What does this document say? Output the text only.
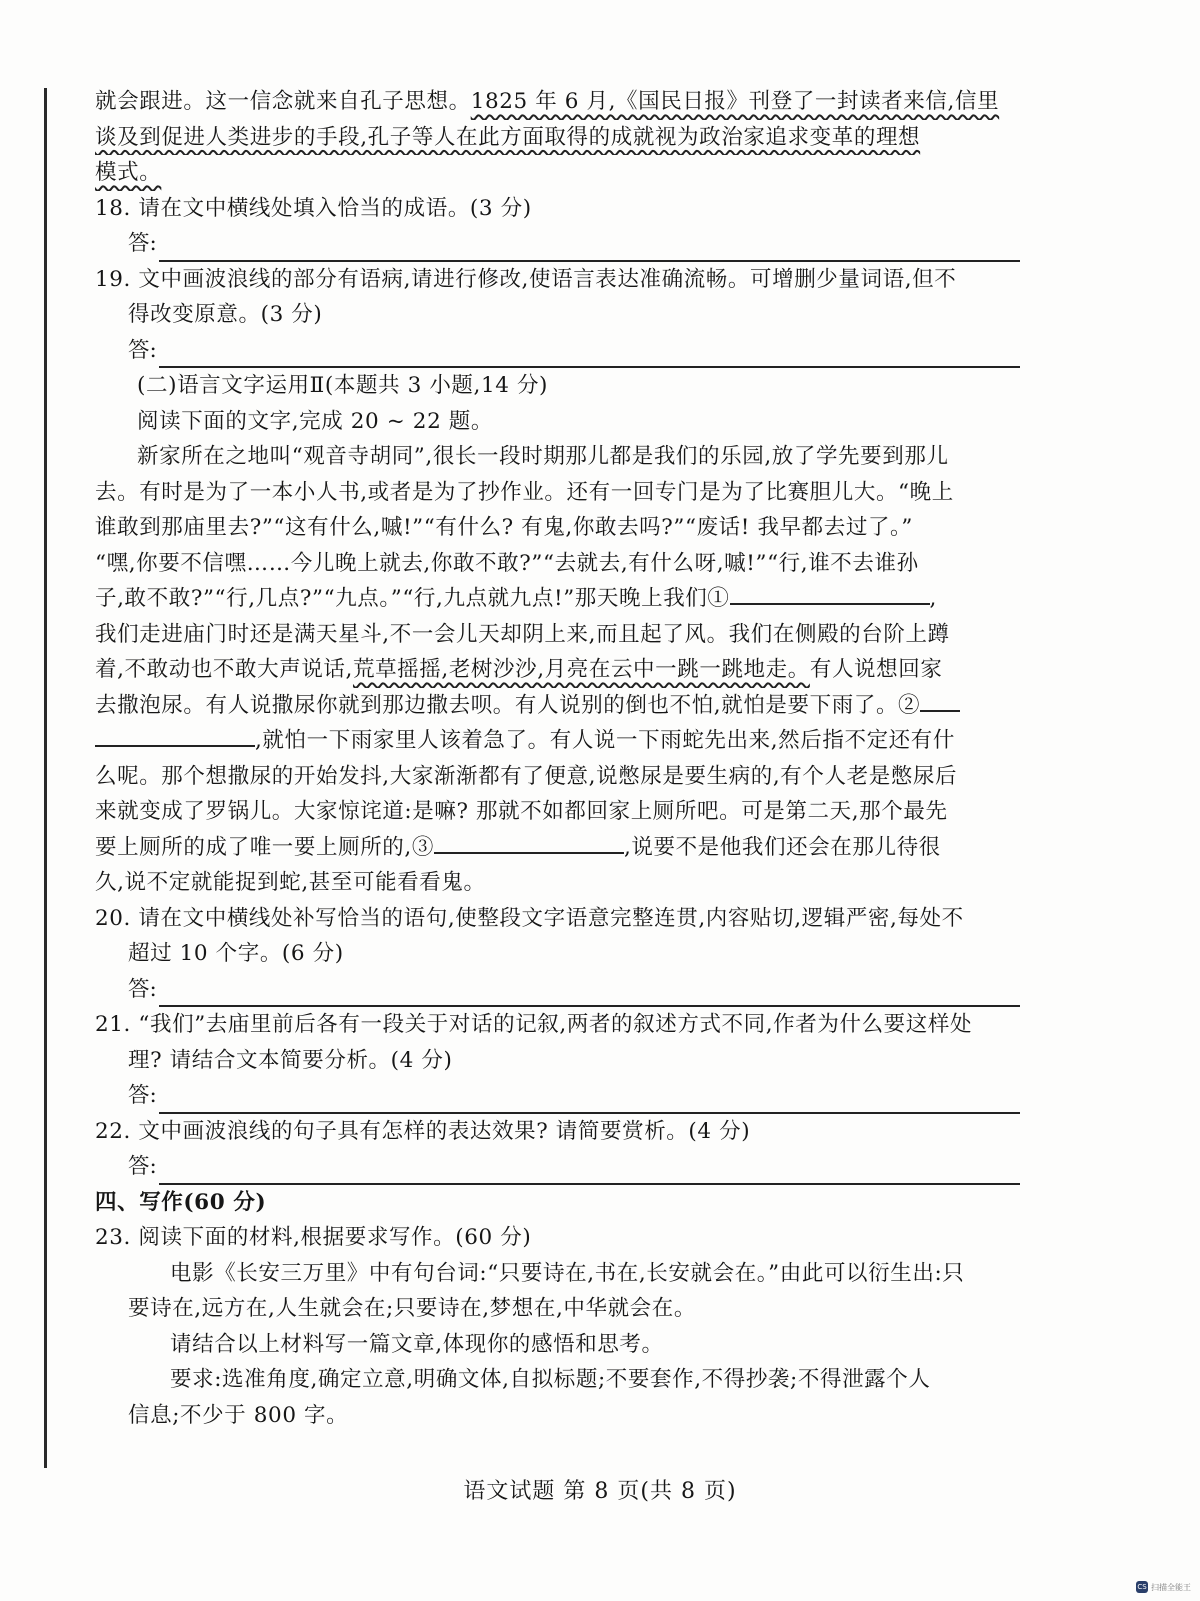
就会跟进。这一信念就来自孔子思想。1825 年 6 月,《国民日报》刊登了一封读者来信,信里
谈及到促进人类进步的手段,孔子等人在此方面取得的成就视为政治家追求变革的理想
模式。
18. 请在文中横线处填入恰当的成语。(3 分)
答:
19. 文中画波浪线的部分有语病,请进行修改,使语言表达准确流畅。可增删少量词语,但不
得改变原意。(3 分)
答:
(二)语言文字运用Ⅱ(本题共 3 小题,14 分)
阅读下面的文字,完成 20 ~ 22 题。
新家所在之地叫“观音寺胡同”,很长一段时期那儿都是我们的乐园,放了学先要到那儿
去。有时是为了一本小人书,或者是为了抄作业。还有一回专门是为了比赛胆儿大。“晚上
谁敢到那庙里去?”“这有什么,嘁!”“有什么? 有鬼,你敢去吗?”“废话! 我早都去过了。”
“嘿,你要不信嘿……今儿晚上就去,你敢不敢?”“去就去,有什么呀,嘁!”“行,谁不去谁孙
子,敢不敢?”“行,几点?”“九点。”“行,九点就九点!”那天晚上我们①	,
我们走进庙门时还是满天星斗,不一会儿天却阴上来,而且起了风。我们在侧殿的台阶上蹲
着,不敢动也不敢大声说话,荒草摇摇,老树沙沙,月亮在云中一跳一跳地走。有人说想回家
去撒泡尿。有人说撒尿你就到那边撒去呗。有人说别的倒也不怕,就怕是要下雨了。②
,就怕一下雨家里人该着急了。有人说一下雨蛇先出来,然后指不定还有什
么呢。那个想撒尿的开始发抖,大家渐渐都有了便意,说憋尿是要生病的,有个人老是憋尿后
来就变成了罗锅儿。大家惊诧道:是嘛? 那就不如都回家上厕所吧。可是第二天,那个最先
要上厕所的成了唯一要上厕所的,③	,说要不是他我们还会在那儿待很
久,说不定就能捉到蛇,甚至可能看看鬼。
20. 请在文中横线处补写恰当的语句,使整段文字语意完整连贯,内容贴切,逻辑严密,每处不
超过 10 个字。(6 分)
答:
21. “我们”去庙里前后各有一段关于对话的记叙,两者的叙述方式不同,作者为什么要这样处
理? 请结合文本简要分析。(4 分)
答:
22. 文中画波浪线的句子具有怎样的表达效果? 请简要赏析。(4 分)
答:
四、写作(60 分)
23. 阅读下面的材料,根据要求写作。(60 分)
电影《长安三万里》中有句台词:“只要诗在,书在,长安就会在。”由此可以衍生出:只
要诗在,远方在,人生就会在;只要诗在,梦想在,中华就会在。
请结合以上材料写一篇文章,体现你的感悟和思考。
要求:选准角度,确定立意,明确文体,自拟标题;不要套作,不得抄袭;不得泄露个人
信息;不少于 800 字。
语文试题 第 8 页(共 8 页)
CS 扫描全能王
